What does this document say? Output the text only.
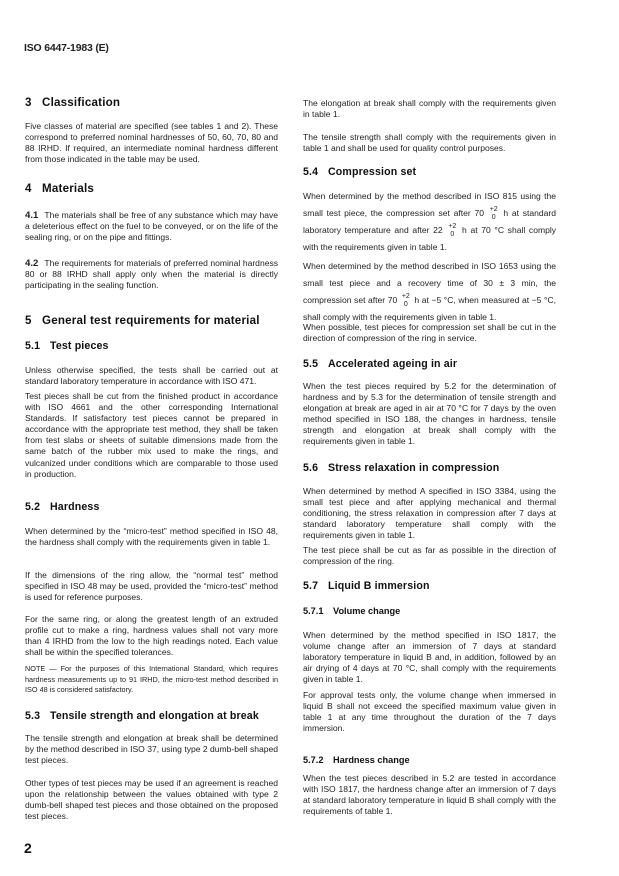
ISO 6447-1983 (E)
3 Classification
Five classes of material are specified (see tables 1 and 2). These correspond to preferred nominal hardnesses of 50, 60, 70, 80 and 88 IRHD. If required, an intermediate nominal hardness different from those indicated in the table may be used.
4 Materials
4.1 The materials shall be free of any substance which may have a deleterious effect on the fuel to be conveyed, or on the life of the sealing ring, or on the pipe and fittings.
4.2 The requirements for materials of preferred nominal hardness 80 or 88 IRHD shall apply only when the material is directly participating in the sealing function.
5 General test requirements for material
5.1 Test pieces
Unless otherwise specified, the tests shall be carried out at standard laboratory temperature in accordance with ISO 471.
Test pieces shall be cut from the finished product in accordance with ISO 4661 and the other corresponding International Standards. If satisfactory test pieces cannot be prepared in accordance with the appropriate test method, they shall be taken from test slabs or sheets of suitable dimensions made from the same batch of the rubber mix used to make the rings, and vulcanized under conditions which are comparable to those used in production.
5.2 Hardness
When determined by the “micro-test” method specified in ISO 48, the hardness shall comply with the requirements given in table 1.
If the dimensions of the ring allow, the “normal test” method specified in ISO 48 may be used, provided the “micro-test” method is used for reference purposes.
For the same ring, or along the greatest length of an extruded profile cut to make a ring, hardness values shall not vary more than 4 IRHD from the low to the high readings noted. Each value shall be within the specified tolerances.
NOTE — For the purposes of this International Standard, which requires hardness measurements up to 91 IRHD, the micro-test method described in ISO 48 is considered satisfactory.
5.3 Tensile strength and elongation at break
The tensile strength and elongation at break shall be determined by the method described in ISO 37, using type 2 dumb-bell shaped test pieces.
Other types of test pieces may be used if an agreement is reached upon the relationship between the values obtained with type 2 dumb-bell shaped test pieces and those obtained on the proposed test pieces.
The elongation at break shall comply with the requirements given in table 1.
The tensile strength shall comply with the requirements given in table 1 and shall be used for quality control purposes.
5.4 Compression set
When determined by the method described in ISO 815 using the small test piece, the compression set after 70 +2
0 h at standard laboratory temperature and after 22 +2
0 h at 70 °C shall comply with the requirements given in table 1.
When determined by the method described in ISO 1653 using the small test piece and a recovery time of 30 ± 3 min, the compression set after 70 +2
0 h at −5 °C, when measured at −5 °C, shall comply with the requirements given in table 1.
When possible, test pieces for compression set shall be cut in the direction of compression of the ring in service.
5.5 Accelerated ageing in air
When the test pieces required by 5.2 for the determination of hardness and by 5.3 for the determination of tensile strength and elongation at break are aged in air at 70 °C for 7 days by the oven method specified in ISO 188, the changes in hardness, tensile strength and elongation at break shall comply with the requirements given in table 1.
5.6 Stress relaxation in compression
When determined by method A specified in ISO 3384, using the small test piece and after applying mechanical and thermal conditioning, the stress relaxation in compression after 7 days at standard laboratory temperature shall comply with the requirements given in table 1.
The test piece shall be cut as far as possible in the direction of compression of the ring.
5.7 Liquid B immersion
5.7.1 Volume change
When determined by the method specified in ISO 1817, the volume change after an immersion of 7 days at standard laboratory temperature in liquid B and, in addition, followed by an air drying of 4 days at 70 °C, shall comply with the requirements given in table 1.
For approval tests only, the volume change when immersed in liquid B shall not exceed the specified maximum value given in table 1 at any time throughout the duration of the 7 days immersion.
5.7.2 Hardness change
When the test pieces described in 5.2 are tested in accordance with ISO 1817, the hardness change after an immersion of 7 days at standard laboratory temperature in liquid B shall comply with the requirements of table 1.
2
